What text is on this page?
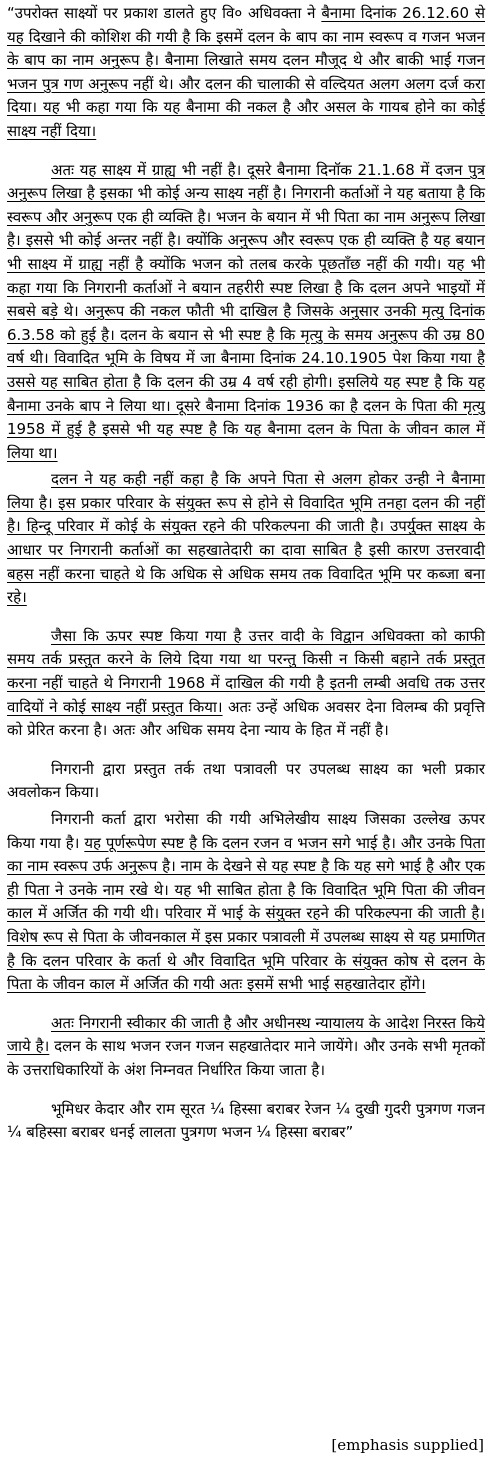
“उपरोक्त साक्ष्यों पर प्रकाश डालते हुए वि० अधिवक्ता ने बैनामा दिनांक 26.12.60 से यह दिखाने की कोशिश की गयी है कि इसमें दलन के बाप का नाम स्वरूप व गजन भजन के बाप का नाम अनुरूप है। बैनामा लिखाते समय दलन मौजूद थे और बाकी भाई गजन भजन पुत्र गण अनुरूप नहीं थे। और दलन की चालाकी से वल्दियत अलग अलग दर्ज करा दिया। यह भी कहा गया कि यह बैनामा की नकल है और असल के गायब होने का कोई साक्ष्य नहीं दिया।

अतः यह साक्ष्य में ग्राह्य भी नहीं है। दूसरे बैनामा दिनॉक 21.1.68 में दजन पुत्र अनुरूप लिखा है इसका भी कोई अन्य साक्ष्य नहीं है। निगरानी कर्ताओं ने यह बताया है कि स्वरूप और अनुरूप एक ही व्यक्ति है। भजन के बयान में भी पिता का नाम अनुरूप लिखा है। इससे भी कोई अन्तर नहीं है। क्योंकि अनुरूप और स्वरूप एक ही व्यक्ति है यह बयान भी साक्ष्य में ग्राह्य नहीं है क्योंकि भजन को तलब करके पूछताँछ नहीं की गयी। यह भी कहा गया कि निगरानी कर्ताओं ने बयान तहरीरी स्पष्ट लिखा है कि दलन अपने भाइयों में सबसे बड़े थे। अनुरूप की नकल फौती भी दाखिल है जिसके अनुसार उनकी मृत्यु दिनांक 6.3.58 को हुई है। दलन के बयान से भी स्पष्ट है कि मृत्यु के समय अनुरूप की उम्र 80 वर्ष थी। विवादित भूमि के विषय में जा बैनामा दिनांक 24.10.1905 पेश किया गया है उससे यह साबित होता है कि दलन की उम्र 4 वर्ष रही होगी। इसलिये यह स्पष्ट है कि यह बैनामा उनके बाप ने लिया था। दूसरे बैनामा दिनांक 1936 का है दलन के पिता की मृत्यु 1958 में हुई है इससे भी यह स्पष्ट है कि यह बैनामा दलन के पिता के जीवन काल में लिया था।

दलन ने यह कही नहीं कहा है कि अपने पिता से अलग होकर उन्ही ने बैनामा लिया है। इस प्रकार परिवार के संयुक्त रूप से होने से विवादित भूमि तनहा दलन की नहीं है। हिन्दू परिवार में कोई के संयुक्त रहने की परिकल्पना की जाती है। उपर्युक्त साक्ष्य के आधार पर निगरानी कर्ताओं का सहखातेदारी का दावा साबित है इसी कारण उत्तरवादी बहस नहीं करना चाहते थे कि अधिक से अधिक समय तक विवादित भूमि पर कब्जा बना रहे।

जैसा कि ऊपर स्पष्ट किया गया है उत्तर वादी के विद्वान अधिवक्ता को काफी समय तर्क प्रस्तुत करने के लिये दिया गया था परन्तु किसी न किसी बहाने तर्क प्रस्तुत करना नहीं चाहते थे निगरानी 1968 में दाखिल की गयी है इतनी लम्बी अवधि तक उत्तर वादियों ने कोई साक्ष्य नहीं प्रस्तुत किया। अतः उन्हें अधिक अवसर देना विलम्ब की प्रवृत्ति को प्रेरित करना है। अतः और अधिक समय देना न्याय के हित में नहीं है।

निगरानी द्वारा प्रस्तुत तर्क तथा पत्रावली पर उपलब्ध साक्ष्य का भली प्रकार अवलोकन किया।

निगरानी कर्ता द्वारा भरोसा की गयी अभिलेखीय साक्ष्य जिसका उल्लेख ऊपर किया गया है। यह पूर्णरूपेण स्पष्ट है कि दलन रजन व भजन सगे भाई है। और उनके पिता का नाम स्वरूप उर्फ अनुरूप है। नाम के देखने से यह स्पष्ट है कि यह सगे भाई है और एक ही पिता ने उनके नाम रखे थे। यह भी साबित होता है कि विवादित भूमि पिता की जीवन काल में अर्जित की गयी थी। परिवार में भाई के संयुक्त रहने की परिकल्पना की जाती है। विशेष रूप से पिता के जीवनकाल में इस प्रकार पत्रावली में उपलब्ध साक्ष्य से यह प्रमाणित है कि दलन परिवार के कर्ता थे और विवादित भूमि परिवार के संयुक्त कोष से दलन के पिता के जीवन काल में अर्जित की गयी अतः इसमें सभी भाई सहखातेदार होंगे।

अतः निगरानी स्वीकार की जाती है और अधीनस्थ न्यायालय के आदेश निरस्त किये जाये है। दलन के साथ भजन रजन गजन सहखातेदार माने जायेंगे। और उनके सभी मृतकों के उत्तराधिकारियों के अंश निम्नवत निर्धारित किया जाता है।

भूमिधर केदार और राम सूरत ¼ हिस्सा बराबर रेजन ¼ दुखी गुदरी पुत्रगण गजन ¼ बहिस्सा बराबर धनई लालता पुत्रगण भजन ¼ हिस्सा बराबर”

[emphasis supplied]
